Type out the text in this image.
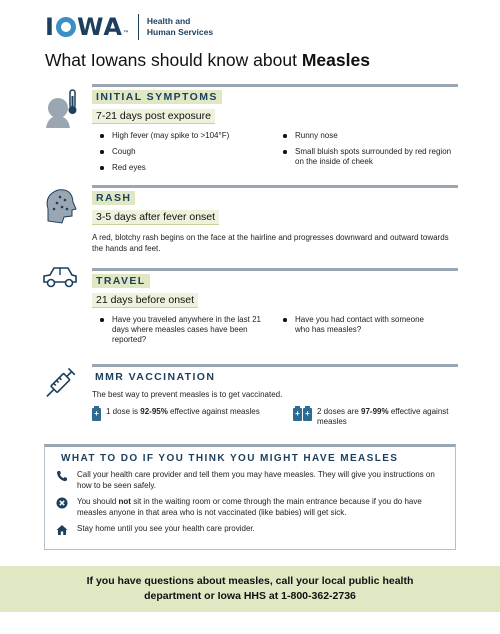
I WA ™
Health and
Human Services
What Iowans should know about Measles
INITIAL SYMPTOMS
7-21 days post exposure
High fever (may spike to >104°F)
Cough
Red eyes
Runny nose
Small bluish spots surrounded by red region on the inside of cheek
RASH
3-5 days after fever onset
A red, blotchy rash begins on the face at the hairline and progresses downward and outward towards the hands and feet.
TRAVEL
21 days before onset
Have you traveled anywhere in the last 21 days where measles cases have been reported?
Have you had contact with someone who has measles?
MMR VACCINATION
The best way to prevent measles is to get vaccinated.
+
1 dose is 92-95% effective against measles + +	2 doses are 97-99% effective against measles
WHAT TO DO IF YOU THINK YOU MIGHT HAVE MEASLES
Call your health care provider and tell them you may have measles. They will give you instructions on how to be seen safely.
You should not sit in the waiting room or come through the main entrance because if you do have measles anyone in that area who is not vaccinated (like babies) will get sick.
Stay home until you see your health care provider.
If you have questions about measles, call your local public health
department or Iowa HHS at 1-800-362-2736
